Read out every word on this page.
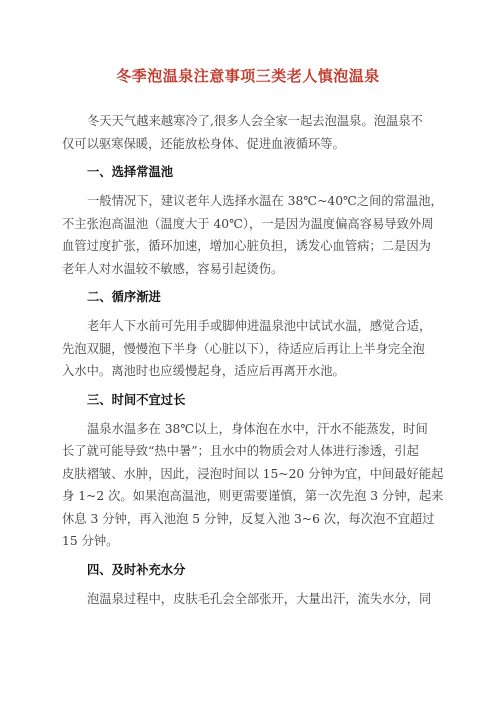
冬季泡温泉注意事项三类老人慎泡温泉

冬天天气越来越寒冷了,很多人会全家一起去泡温泉。泡温泉不
仅可以驱寒保暖，还能放松身体、促进血液循环等。

一、选择常温池

一般情况下，建议老年人选择水温在 38℃~40℃之间的常温池，
不主张泡高温池（温度大于 40℃），一是因为温度偏高容易导致外周
血管过度扩张，循环加速，增加心脏负担，诱发心血管病；二是因为
老年人对水温较不敏感，容易引起烫伤。

二、循序渐进

老年人下水前可先用手或脚伸进温泉池中试试水温，感觉合适，
先泡双腿，慢慢泡下半身（心脏以下），待适应后再让上半身完全泡
入水中。离池时也应缓慢起身，适应后再离开水池。

三、时间不宜过长

温泉水温多在 38℃以上，身体泡在水中，汗水不能蒸发，时间
长了就可能导致“热中暑”；且水中的物质会对人体进行渗透，引起
皮肤褶皱、水肿，因此，浸泡时间以 15~20 分钟为宜，中间最好能起
身 1~2 次。如果泡高温池，则更需要谨慎，第一次先泡 3 分钟，起来
休息 3 分钟，再入池泡 5 分钟，反复入池 3~6 次，每次泡不宜超过
15 分钟。

四、及时补充水分

泡温泉过程中，皮肤毛孔会全部张开，大量出汗，流失水分，同
